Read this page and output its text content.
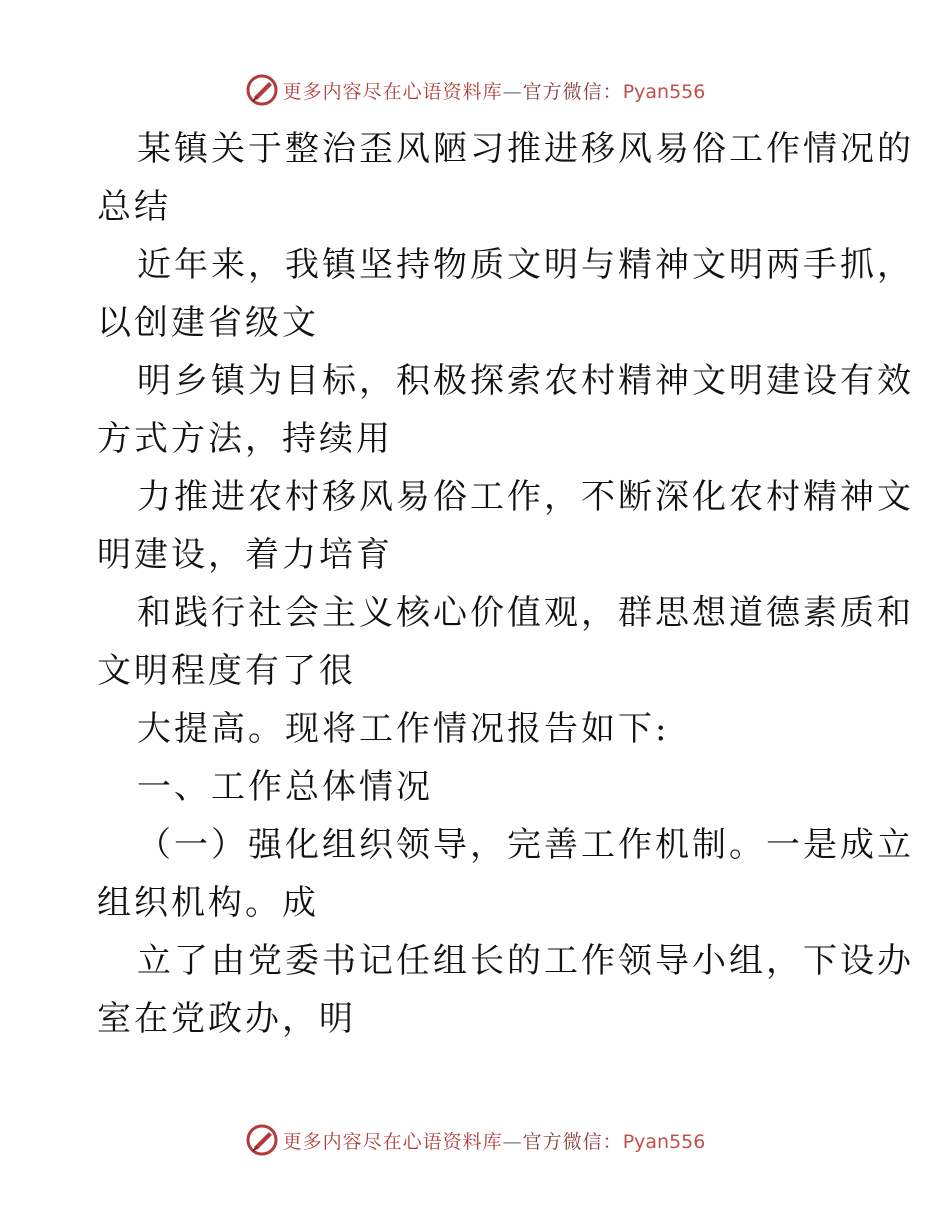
更多内容尽在心语资料库—官方微信：Pyan556
某镇关于整治歪风陋习推进移风易俗工作情况的
总结
近年来，我镇坚持物质文明与精神文明两手抓，
以创建省级文
明乡镇为目标，积极探索农村精神文明建设有效
方式方法，持续用
力推进农村移风易俗工作，不断深化农村精神文
明建设，着力培育
和践行社会主义核心价值观，群思想道德素质和
文明程度有了很
大提高。现将工作情况报告如下:
一、工作总体情况
（一）强化组织领导，完善工作机制。一是成立
组织机构。成
立了由党委书记任组长的工作领导小组，下设办
室在党政办，明
更多内容尽在心语资料库—官方微信：Pyan556
